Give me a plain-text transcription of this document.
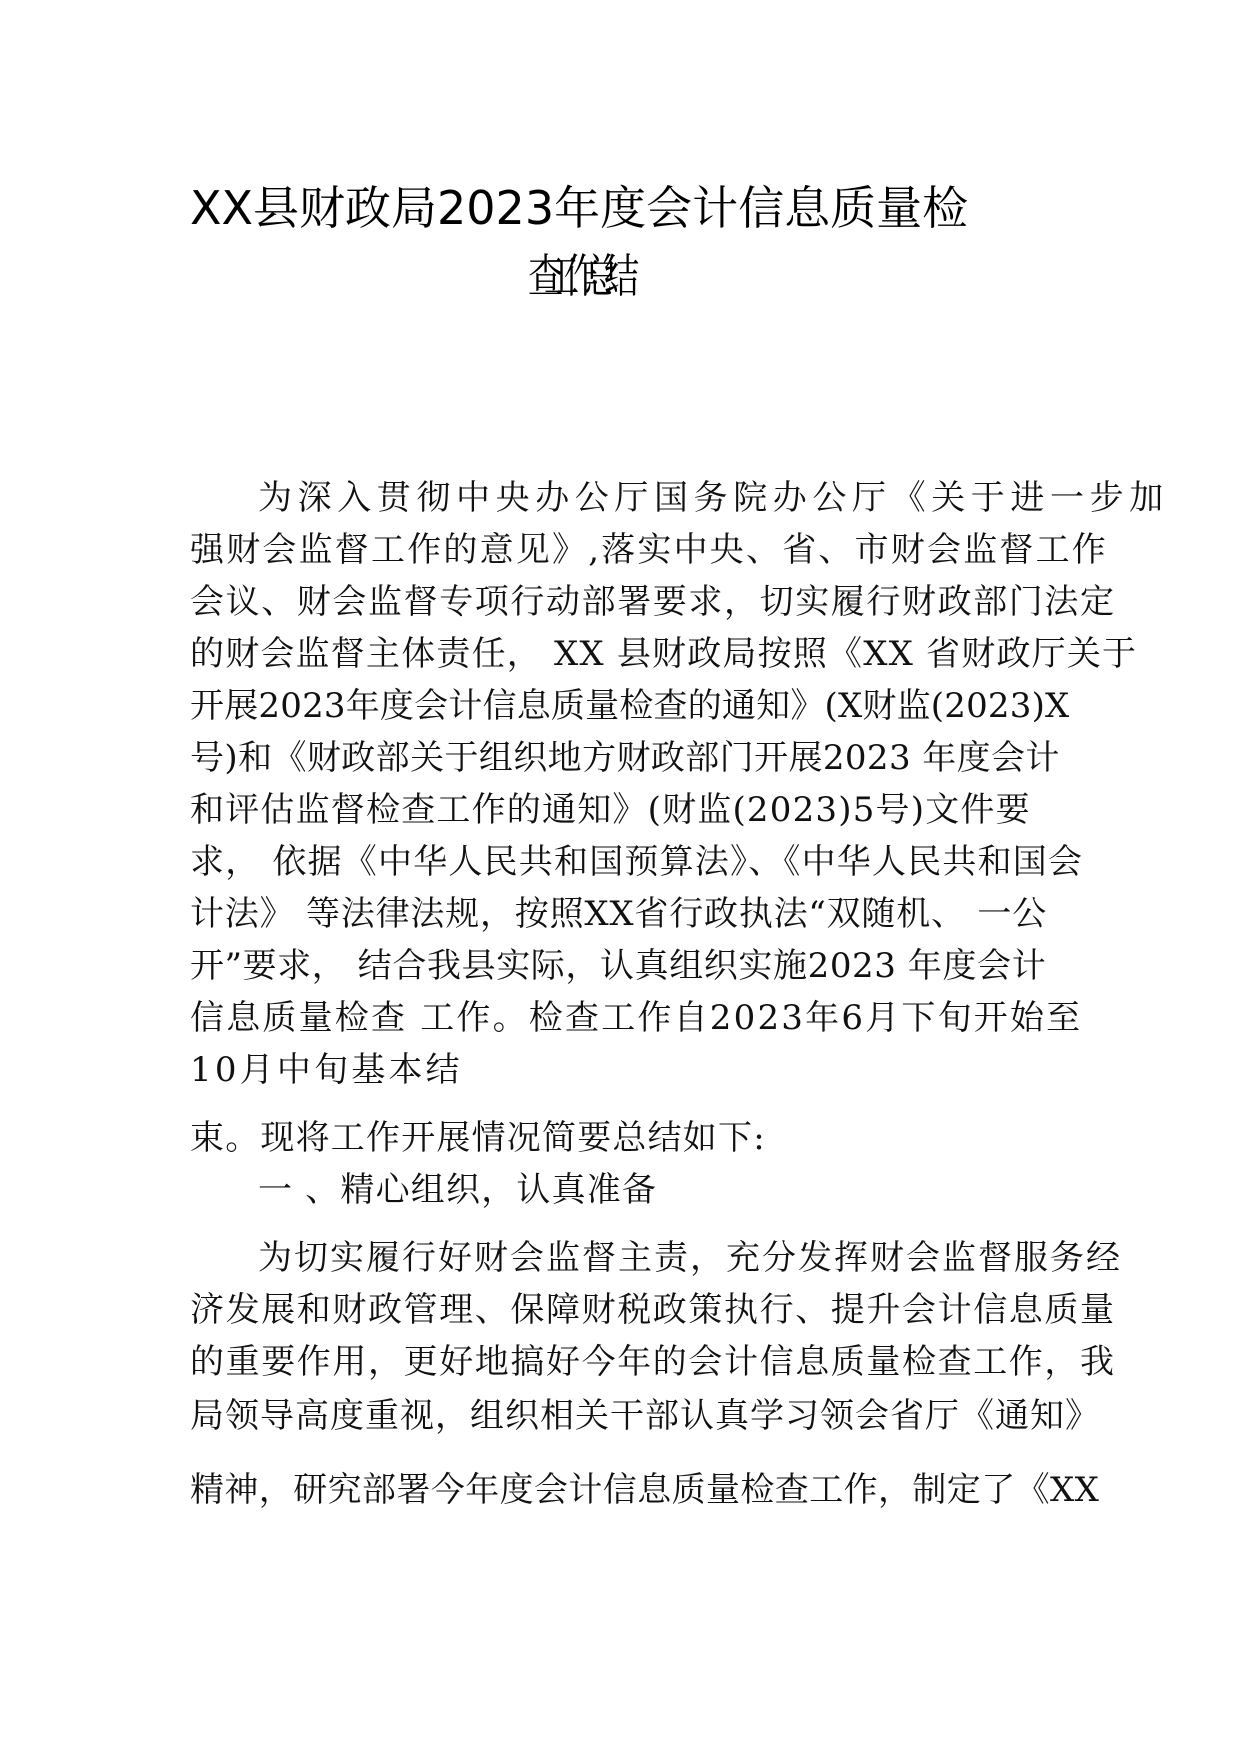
XX县财政局2023年度会计信息质量检
查 工作总结
为深入贯彻中央办公厅国务院办公厅《关于进一步加
强财会监督工作的意见》,落实中央、省、市财会监督工作
会议、财会监督专项行动部署要求，切实履行财政部门法定
的财会监督主体责任， XX 县财政局按照《XX 省财政厅关于
开展2023年度会计信息质量检查的通知》(X财监(2023)X
号)和《财政部关于组织地方财政部门开展2023 年度会计
和评估监督检查工作的通知》(财监(2023)5号)文件要
求， 依据《中华人民共和国预算法》、《中华人民共和国会
计法》 等法律法规，按照XX省行政执法“双随机、 一公
开”要求， 结合我县实际，认真组织实施2023 年度会计
信息质量检查 工作。检查工作自2023年6月下旬开始至
10月中旬基本结
束。现将工作开展情况简要总结如下:
一 、精心组织，认真准备
为切实履行好财会监督主责，充分发挥财会监督服务经
济发展和财政管理、保障财税政策执行、提升会计信息质量
的重要作用，更好地搞好今年的会计信息质量检查工作，我
局领导高度重视，组织相关干部认真学习领会省厅《通知》
精神，研究部署今年度会计信息质量检查工作，制定了《XX
